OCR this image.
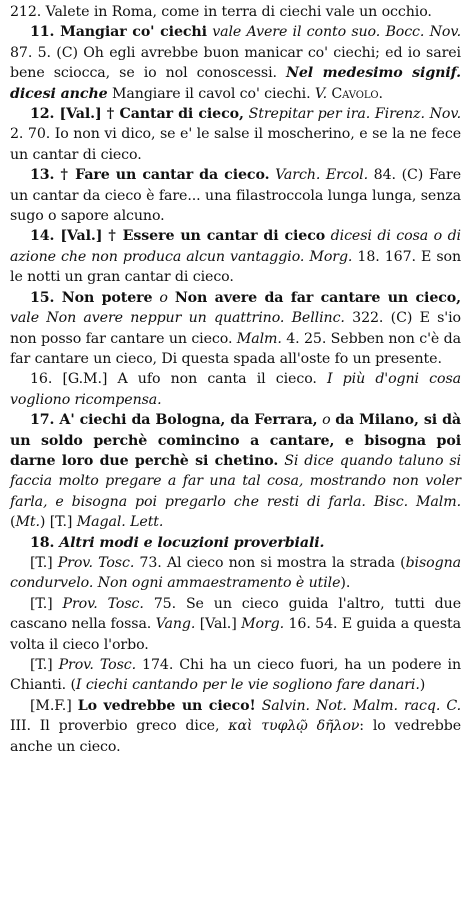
212. Valete in Roma, come in terra di ciechi vale un occhio.

11. Mangiar co' ciechi vale Avere il conto suo. Bocc. Nov. 87. 5. (C) Oh egli avrebbe buon manicar co' ciechi; ed io sarei bene sciocca, se io nol conoscessi. Nel medesimo signif. dicesi anche Mangiare il cavol co' ciechi. V. Cavolo.

12. [Val.] † Cantar di cieco, Strepitar per ira. Firenz. Nov. 2. 70. Io non vi dico, se e' le salse il moscherino, e se la ne fece un cantar di cieco.

13. † Fare un cantar da cieco. Varch. Ercol. 84. (C) Fare un cantar da cieco è fare... una filastroccola lunga lunga, senza sugo o sapore alcuno.

14. [Val.] † Essere un cantar di cieco dicesi di cosa o di azione che non produca alcun vantaggio. Morg. 18. 167. E son le notti un gran cantar di cieco.

15. Non potere o Non avere da far cantare un cieco, vale Non avere neppur un quattrino. Bellinc. 322. (C) E s'io non posso far cantare un cieco. Malm. 4. 25. Sebben non c'è da far cantare un cieco, Di questa spada all'oste fo un presente.

16. [G.M.] A ufo non canta il cieco. I più d'ogni cosa vogliono ricompensa.

17. A' ciechi da Bologna, da Ferrara, o da Milano, si dà un soldo perchè comincino a cantare, e bisogna poi darne loro due perchè si chetino. Si dice quando taluno si faccia molto pregare a far una tal cosa, mostrando non voler farla, e bisogna poi pregarlo che resti di farla. Bisc. Malm. (Mt.) [T.] Magal. Lett.

18. Altri modi e locuzioni proverbiali.

[T.] Prov. Tosc. 73. Al cieco non si mostra la strada (bisogna condurvelo. Non ogni ammaestramento è utile).

[T.] Prov. Tosc. 75. Se un cieco guida l'altro, tutti due cascano nella fossa. Vang. [Val.] Morg. 16. 54. E guida a questa volta il cieco l'orbo.

[T.] Prov. Tosc. 174. Chi ha un cieco fuori, ha un podere in Chianti. (I ciechi cantando per le vie sogliono fare danari.)

[M.F.] Lo vedrebbe un cieco! Salvin. Not. Malm. racq. C. III. Il proverbio greco dice, καὶ τυφλῷ δῆλον: lo vedrebbe anche un cieco.
